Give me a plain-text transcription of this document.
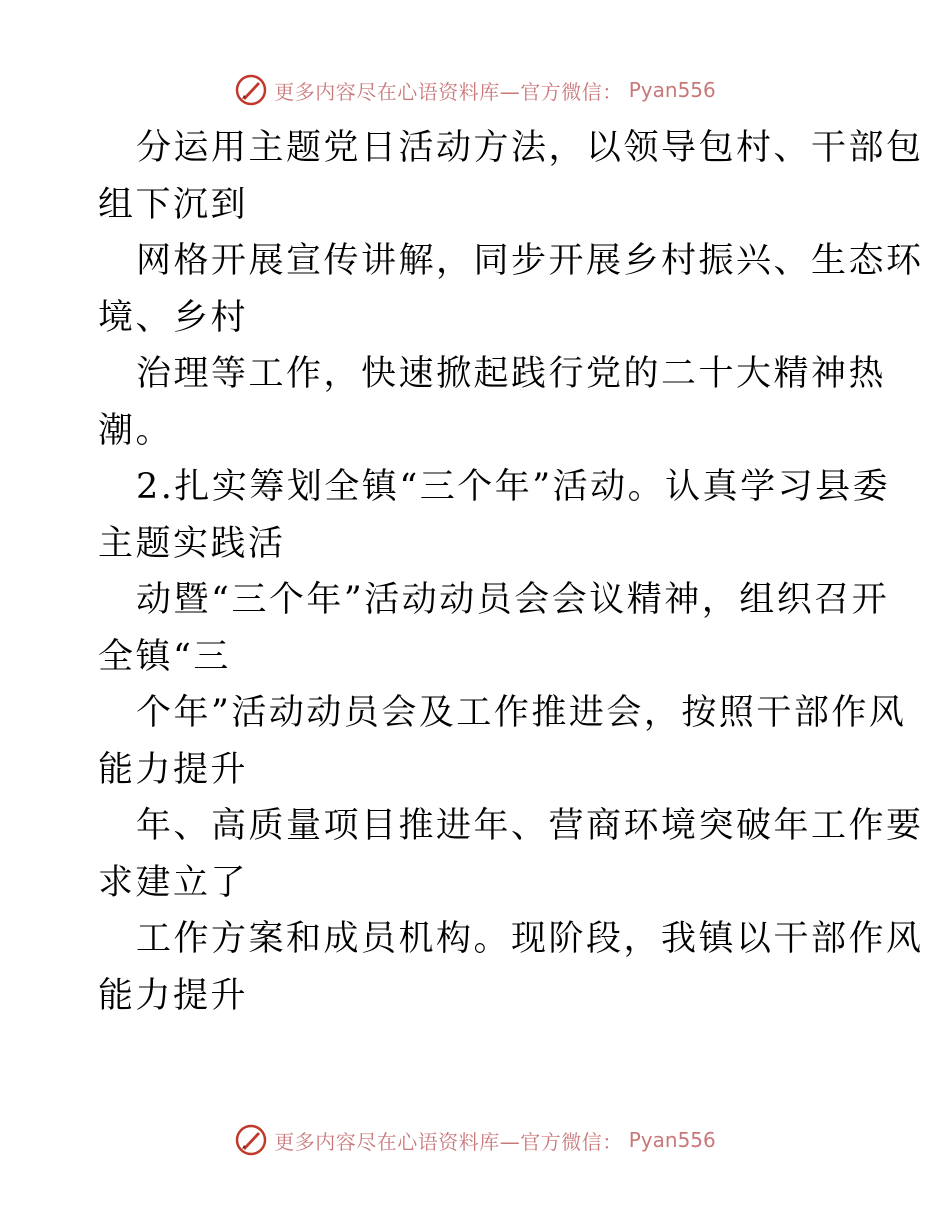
更多内容尽在心语资料库—官方微信： Pyan556
分运用主题党日活动方法，以领导包村、干部包
组下沉到
网格开展宣传讲解，同步开展乡村振兴、生态环
境、乡村
治理等工作，快速掀起践行党的二十大精神热
潮。
2.扎实筹划全镇“三个年”活动。认真学习县委
主题实践活
动暨“三个年”活动动员会会议精神，组织召开
全镇“三
个年”活动动员会及工作推进会，按照干部作风
能力提升
年、高质量项目推进年、营商环境突破年工作要
求建立了
工作方案和成员机构。现阶段，我镇以干部作风
能力提升
更多内容尽在心语资料库—官方微信： Pyan556
